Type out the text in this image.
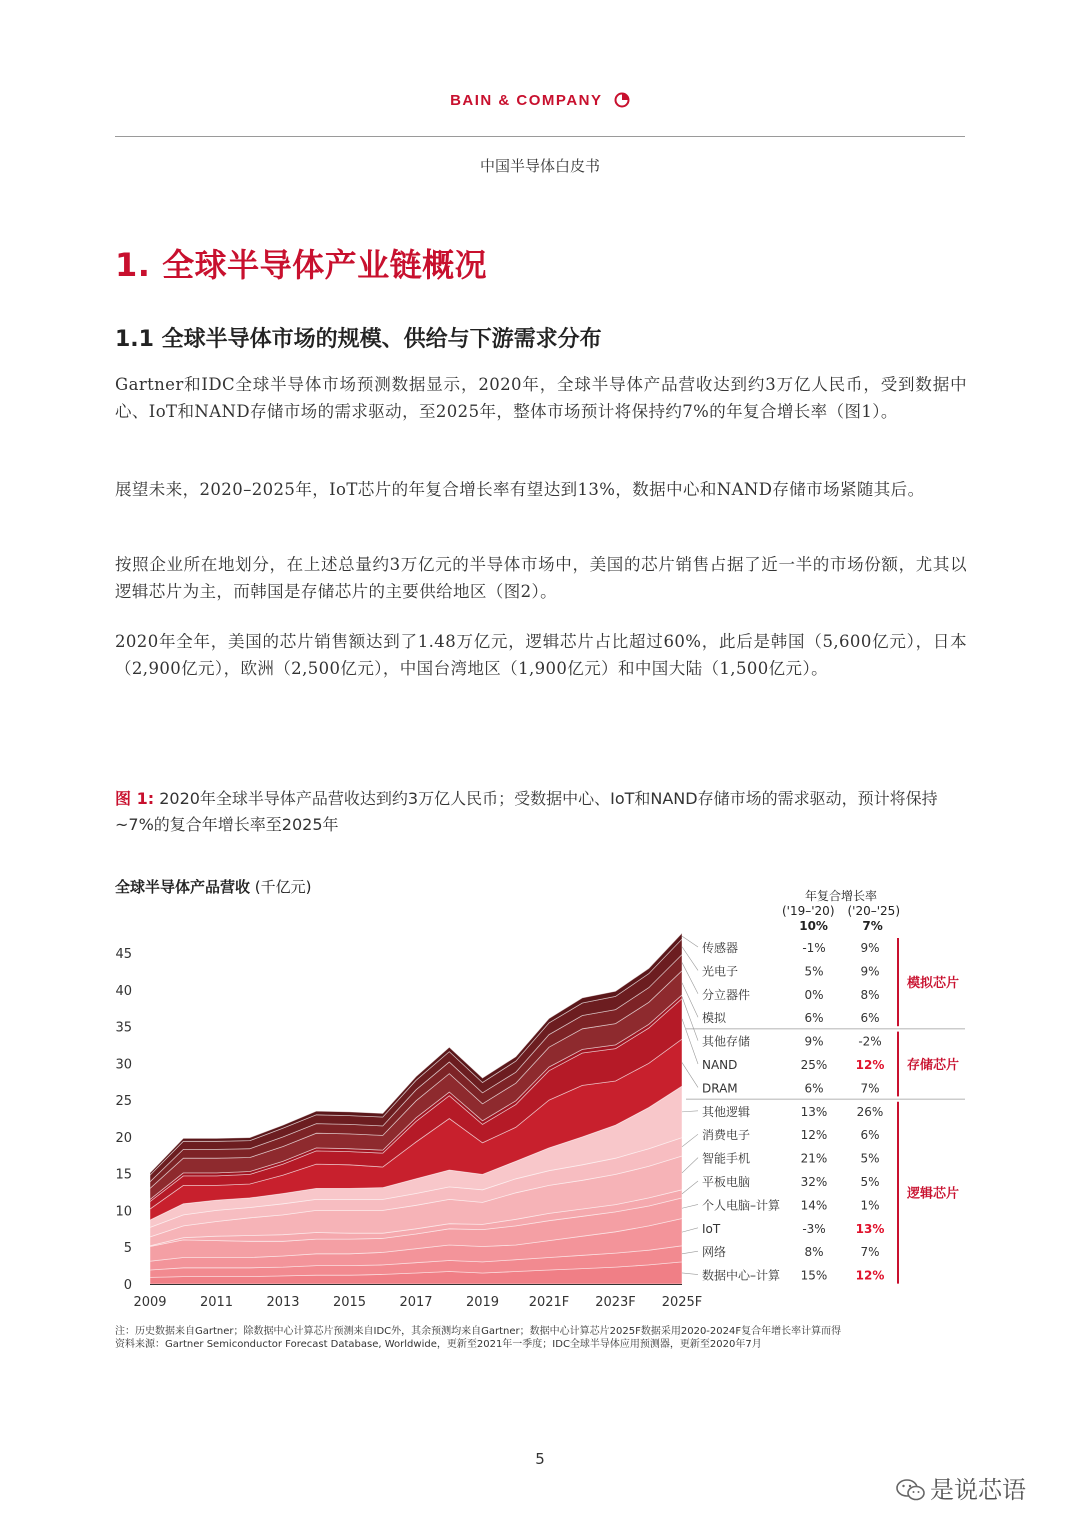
BAIN & COMPANY
中国半导体白皮书
1. 全球半导体产业链概况
1.1 全球半导体市场的规模、供给与下游需求分布
Gartner和IDC全球半导体市场预测数据显示，2020年，全球半导体产品营收达到约3万亿人民币，受到数据中心、IoT和NAND存储市场的需求驱动，至2025年，整体市场预计将保持约7%的年复合增长率（图1）。
展望未来，2020–2025年，IoT芯片的年复合增长率有望达到13%，数据中心和NAND存储市场紧随其后。
按照企业所在地划分，在上述总量约3万亿元的半导体市场中，美国的芯片销售占据了近一半的市场份额，尤其以逻辑芯片为主，而韩国是存储芯片的主要供给地区（图2）。
2020年全年，美国的芯片销售额达到了1.48万亿元，逻辑芯片占比超过60%，此后是韩国（5,600亿元），日本（2,900亿元），欧洲（2,500亿元），中国台湾地区（1,900亿元）和中国大陆（1,500亿元）。
图 1: 2020年全球半导体产品营收达到约3万亿人民币；受数据中心、IoT和NAND存储市场的需求驱动，预计将保持~7%的复合年增长率至2025年
全球半导体产品营收 (千亿元)	年复合增长率
('19–'20) ('20–'25)
10%	7%
0
5
10
15
20
25
30
35
40
45
2009	2011	2013	2015	2017	2019 2021F 2023F 2025F
传感器	-1%	9%
光电子	5%	9%
分立器件	0%	8%
模拟	6%	6%
其他存储	9%	-2%
NAND	25% 12%
DRAM	6%	7%
其他逻辑	13% 26%
消费电子	12%	6%
智能手机	21%	5%
平板电脑	32%	5%
个人电脑–计算 14%	1%
IoT	-3% 13%
网络	8%	7%
数据中心–计算 15% 12%
模拟芯片
存储芯片
逻辑芯片
注：历史数据来自Gartner；除数据中心计算芯片预测来自IDC外，其余预测均来自Gartner；数据中心计算芯片2025F数据采用2020-2024F复合年增长率计算而得
资料来源：Gartner Semiconductor Forecast Database, Worldwide，更新至2021年一季度；IDC全球半导体应用预测器，更新至2020年7月
5
是说芯语
